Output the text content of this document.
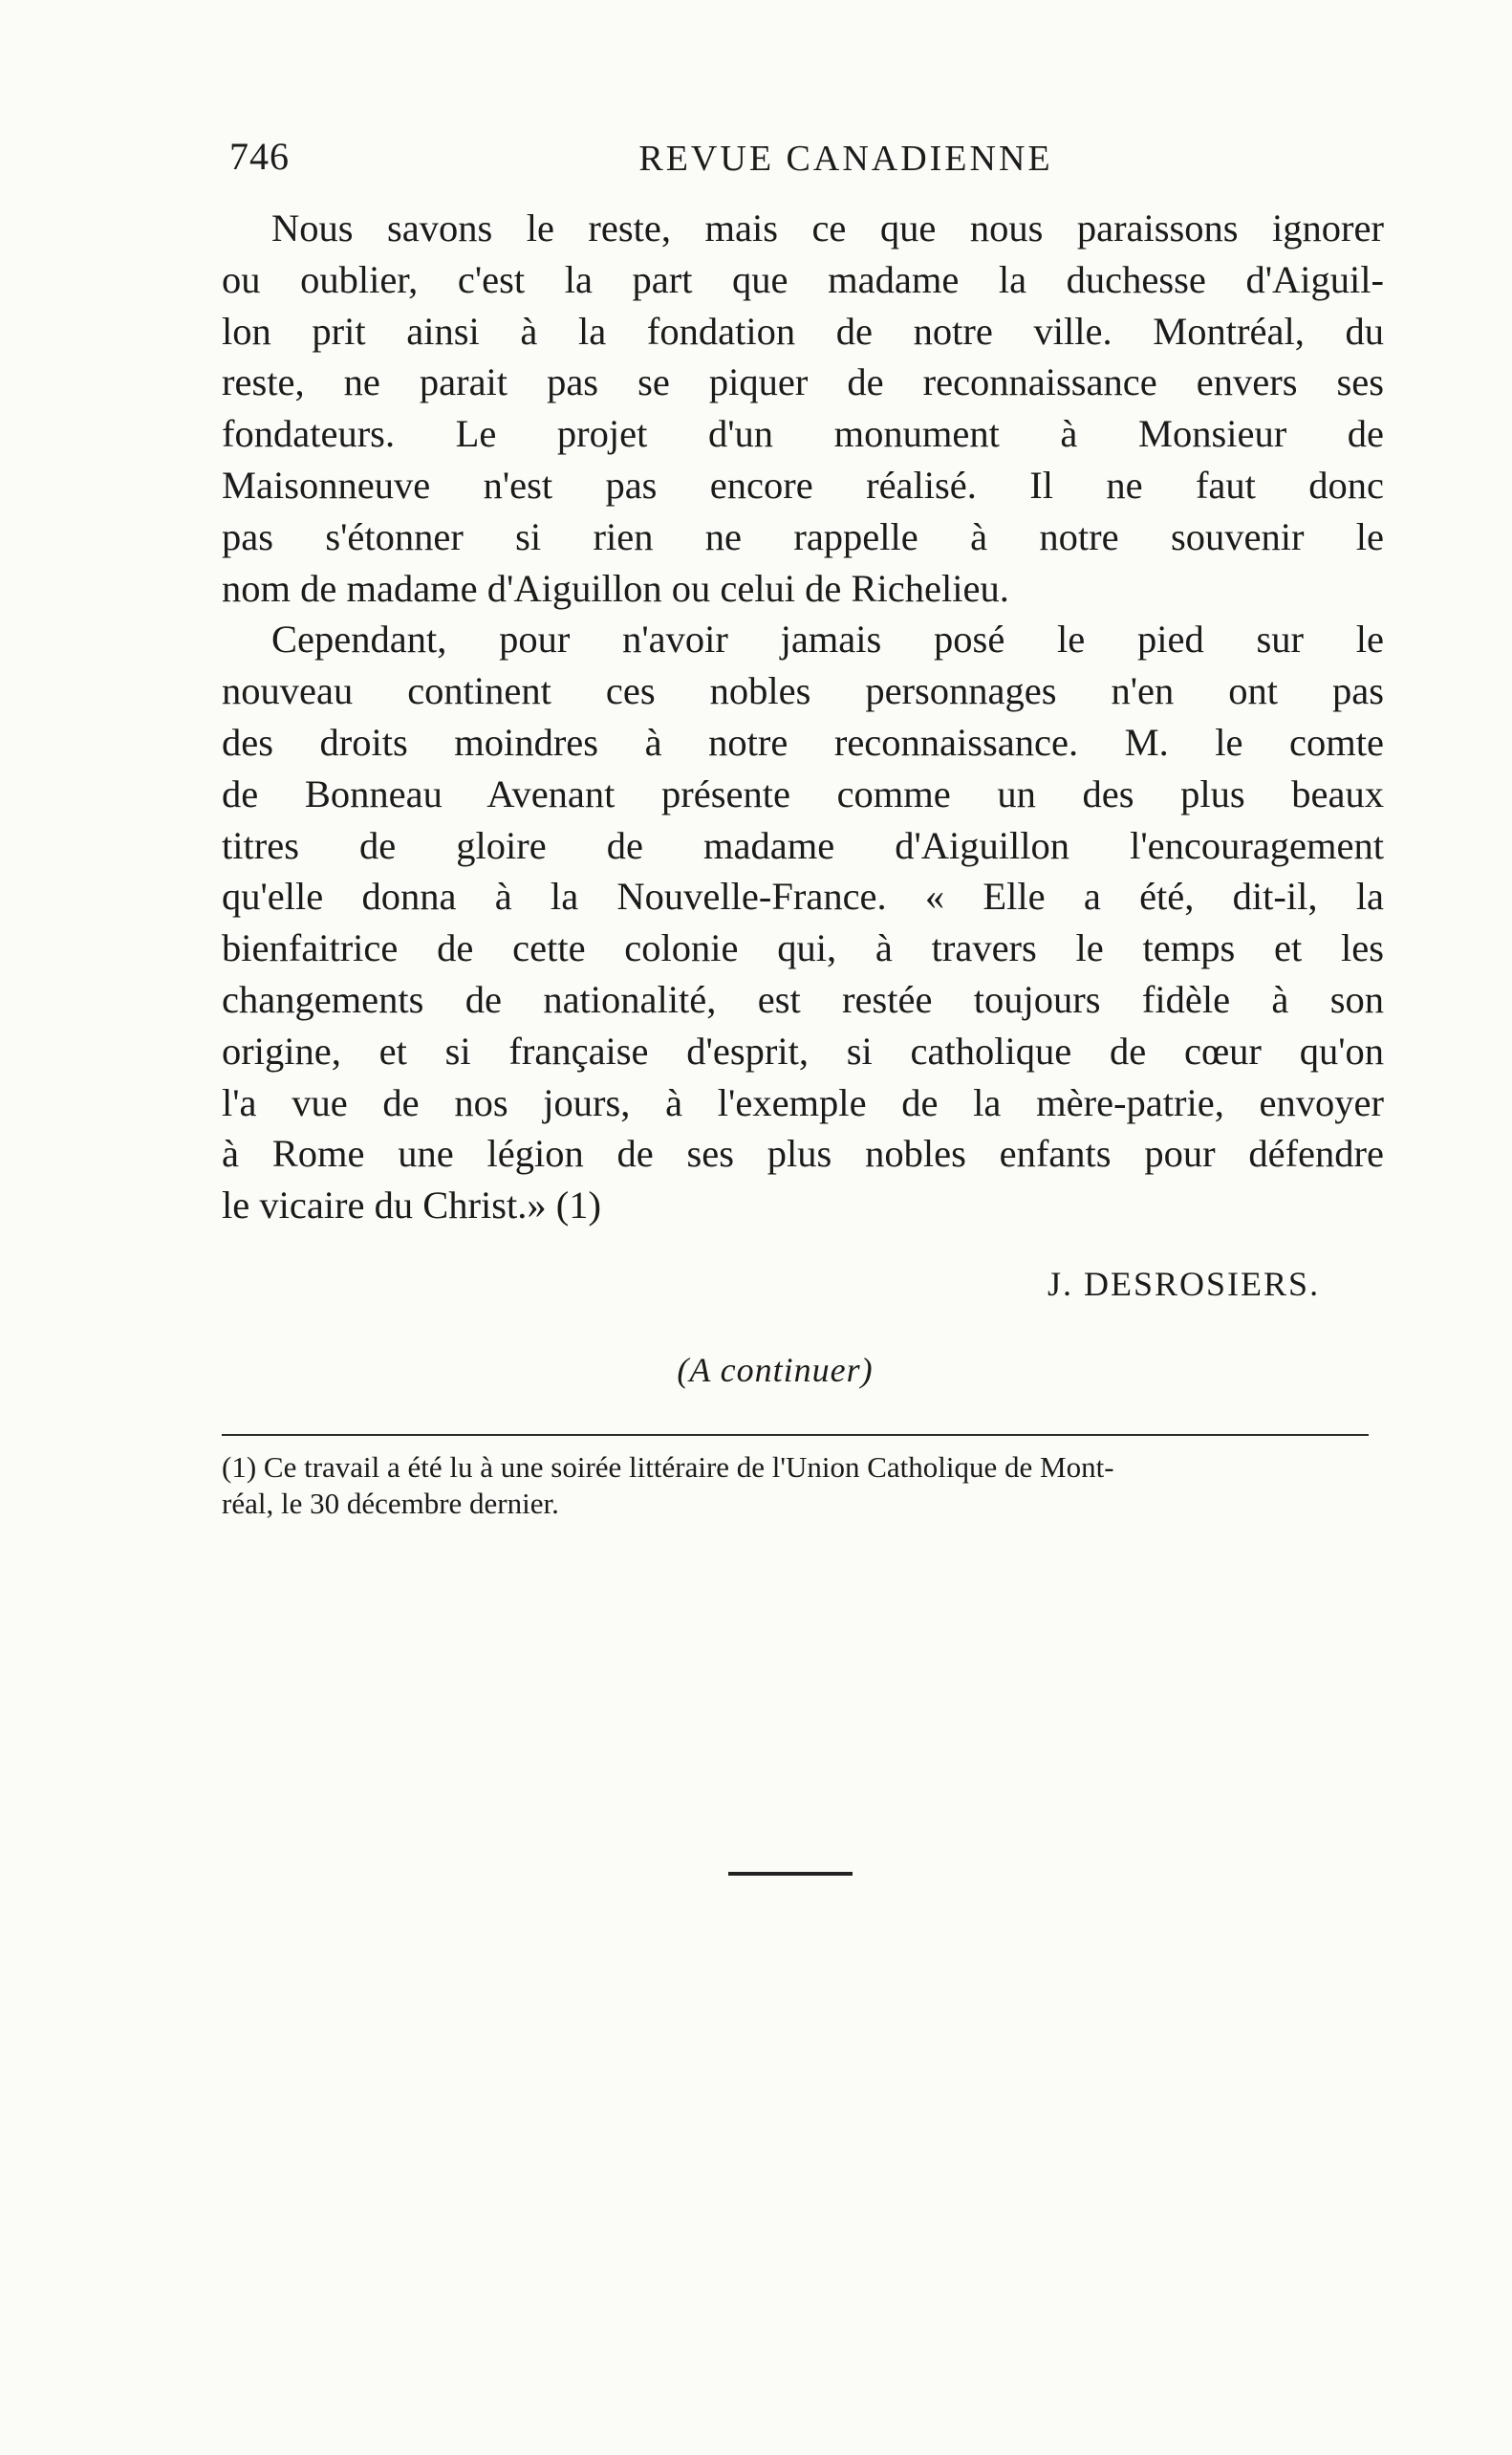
746	REVUE CANADIENNE
Nous savons le reste, mais ce que nous paraissons ignorer
ou oublier, c'est la part que madame la duchesse d'Aiguil-
lon prit ainsi à la fondation de notre ville. Montréal, du
reste, ne parait pas se piquer de reconnaissance envers ses
fondateurs. Le projet d'un monument à Monsieur de
Maisonneuve n'est pas encore réalisé. Il ne faut donc
pas s'étonner si rien ne rappelle à notre souvenir le
nom de madame d'Aiguillon ou celui de Richelieu.
Cependant, pour n'avoir jamais posé le pied sur le
nouveau continent ces nobles personnages n'en ont pas
des droits moindres à notre reconnaissance. M. le comte
de Bonneau Avenant présente comme un des plus beaux
titres de gloire de madame d'Aiguillon l'encouragement
qu'elle donna à la Nouvelle-France. « Elle a été, dit-il, la
bienfaitrice de cette colonie qui, à travers le temps et les
changements de nationalité, est restée toujours fidèle à son
origine, et si française d'esprit, si catholique de cœur qu'on
l'a vue de nos jours, à l'exemple de la mère-patrie, envoyer
à Rome une légion de ses plus nobles enfants pour défendre
le vicaire du Christ.» (1)
J. DESROSIERS.
(A continuer)
(1) Ce travail a été lu à une soirée littéraire de l'Union Catholique de Mont-
réal, le 30 décembre dernier.
